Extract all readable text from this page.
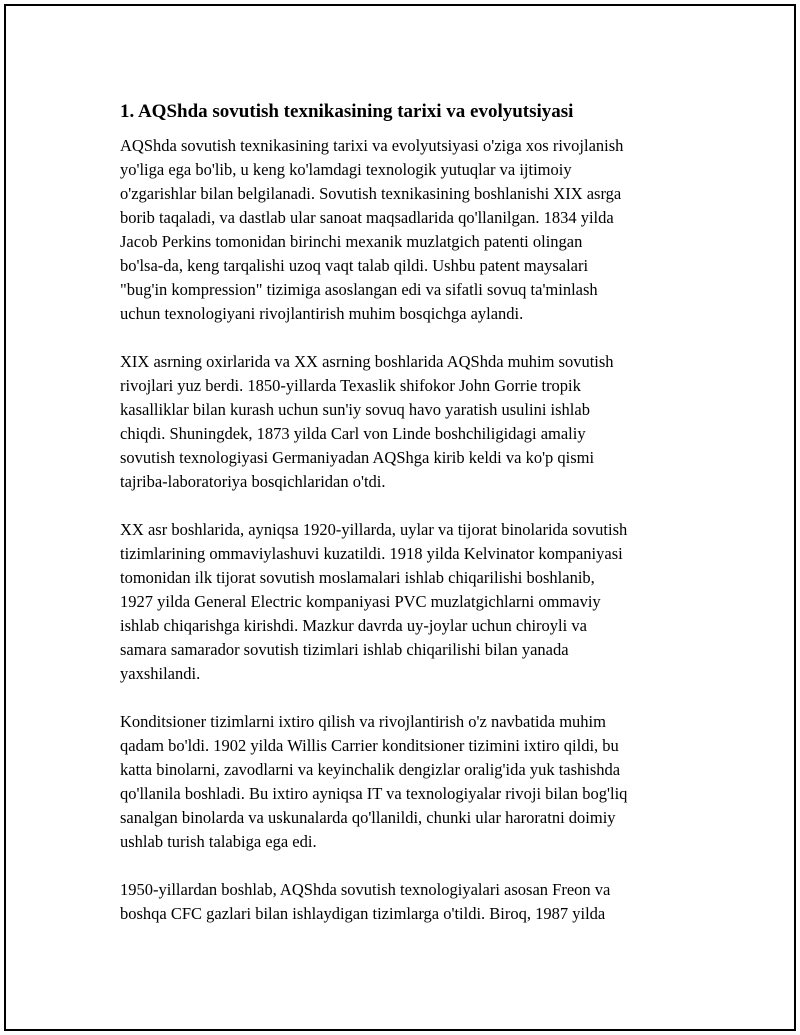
1. AQShda sovutish texnikasining tarixi va evolyutsiyasi

AQShda sovutish texnikasining tarixi va evolyutsiyasi o'ziga xos rivojlanish
yo'liga ega bo'lib, u keng ko'lamdagi texnologik yutuqlar va ijtimoiy
o'zgarishlar bilan belgilanadi. Sovutish texnikasining boshlanishi XIX asrga
borib taqaladi, va dastlab ular sanoat maqsadlarida qo'llanilgan. 1834 yilda
Jacob Perkins tomonidan birinchi mexanik muzlatgich patenti olingan
bo'lsa-da, keng tarqalishi uzoq vaqt talab qildi. Ushbu patent maysalari
"bug'in kompression" tizimiga asoslangan edi va sifatli sovuq ta'minlash
uchun texnologiyani rivojlantirish muhim bosqichga aylandi.

XIX asrning oxirlarida va XX asrning boshlarida AQShda muhim sovutish
rivojlari yuz berdi. 1850-yillarda Texaslik shifokor John Gorrie tropik
kasalliklar bilan kurash uchun sun'iy sovuq havo yaratish usulini ishlab
chiqdi. Shuningdek, 1873 yilda Carl von Linde boshchiligidagi amaliy
sovutish texnologiyasi Germaniyadan AQShga kirib keldi va ko'p qismi
tajriba-laboratoriya bosqichlaridan o'tdi.

XX asr boshlarida, ayniqsa 1920-yillarda, uylar va tijorat binolarida sovutish
tizimlarining ommaviylashuvi kuzatildi. 1918 yilda Kelvinator kompaniyasi
tomonidan ilk tijorat sovutish moslamalari ishlab chiqarilishi boshlanib,
1927 yilda General Electric kompaniyasi PVC muzlatgichlarni ommaviy
ishlab chiqarishga kirishdi. Mazkur davrda uy-joylar uchun chiroyli va
samara samarador sovutish tizimlari ishlab chiqarilishi bilan yanada
yaxshilandi.

Konditsioner tizimlarni ixtiro qilish va rivojlantirish o'z navbatida muhim
qadam bo'ldi. 1902 yilda Willis Carrier konditsioner tizimini ixtiro qildi, bu
katta binolarni, zavodlarni va keyinchalik dengizlar oralig'ida yuk tashishda
qo'llanila boshladi. Bu ixtiro ayniqsa IT va texnologiyalar rivoji bilan bog'liq
sanalgan binolarda va uskunalarda qo'llanildi, chunki ular haroratni doimiy
ushlab turish talabiga ega edi.

1950-yillardan boshlab, AQShda sovutish texnologiyalari asosan Freon va
boshqa CFC gazlari bilan ishlaydigan tizimlarga o'tildi. Biroq, 1987 yilda
